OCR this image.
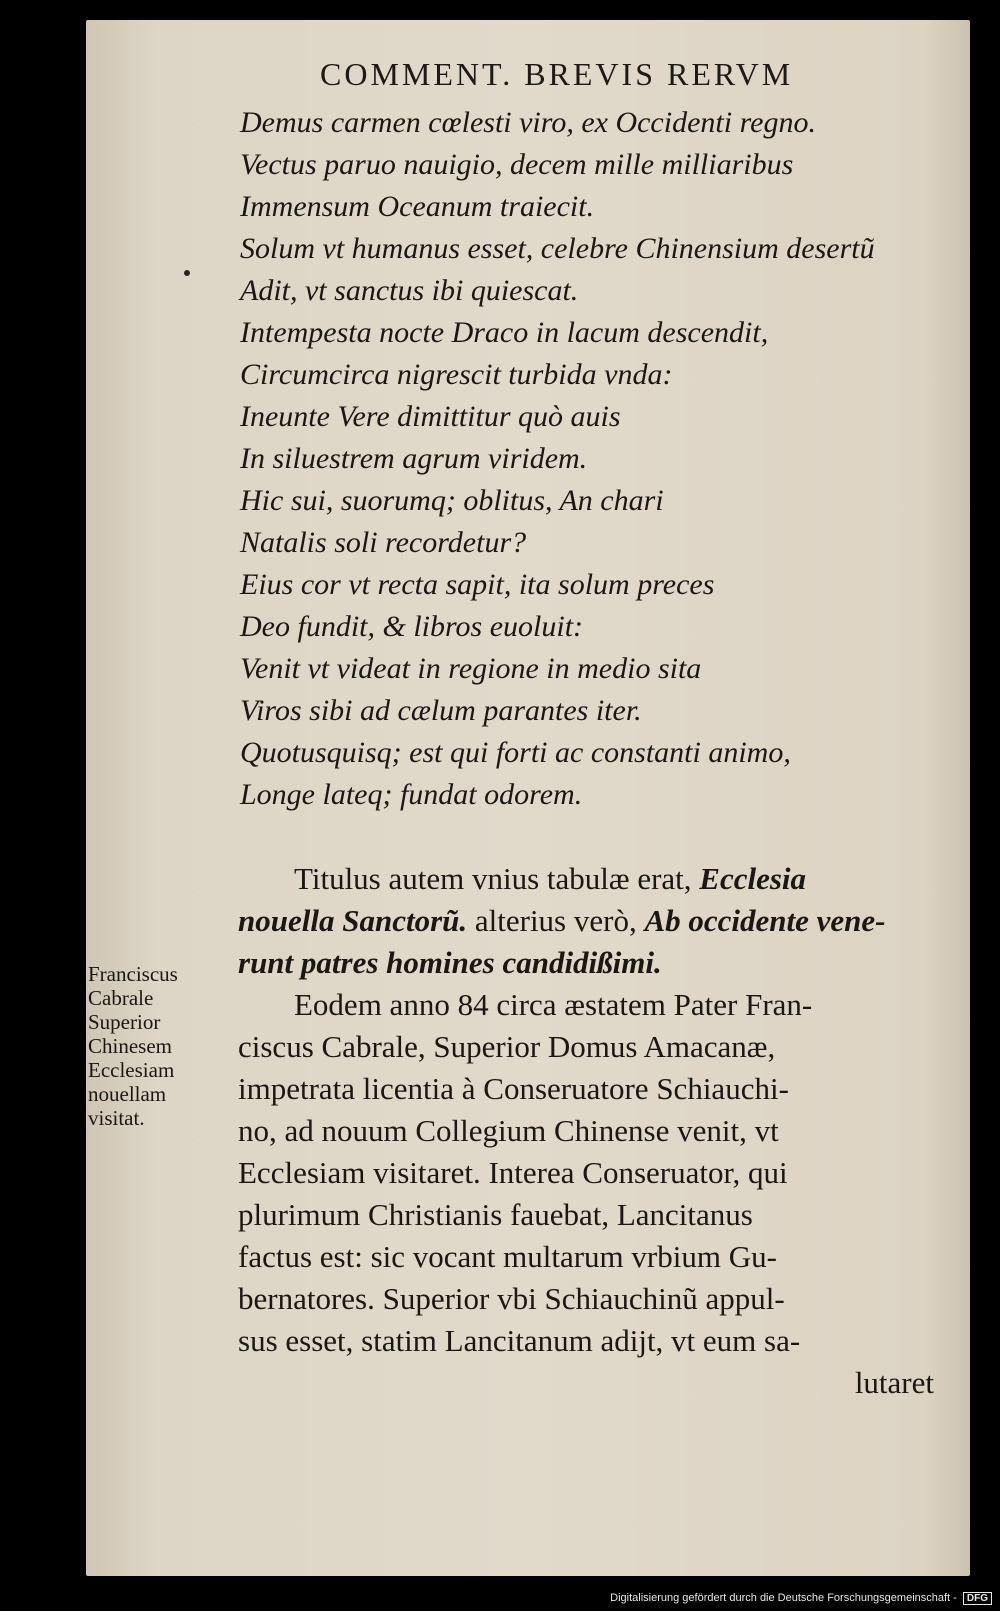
COMMENT. BREVIS RERVM
Demus carmen cœlesti viro, ex Occidenti regno.
Vectus paruo nauigio, decem mille milliaribus
Immensum Oceanum traiecit.
Solum vt humanus esset, celebre Chinensium desertũ
Adit, vt sanctus ibi quiescat.
Intempesta nocte Draco in lacum descendit,
Circumcirca nigrescit turbida vnda:
Ineunte Vere dimittitur quò auis
In siluestrem agrum viridem.
Hic sui, suorumq; oblitus, An chari
Natalis soli recordetur?
Eius cor vt recta sapit, ita solum preces
Deo fundit, & libros euoluit:
Venit vt videat in regione in medio sita
Viros sibi ad cælum parantes iter.
Quotusquisq; est qui forti ac constanti animo,
Longe lateq; fundat odorem.
Titulus autem vnius tabulæ erat, Ecclesia
nouella Sanctorũ. alterius verò, Ab occidente vene-
runt patres homines candidißimi.
Eodem anno 84 circa æstatem Pater Fran-
ciscus Cabrale, Superior Domus Amacanæ,
impetrata licentia à Conseruatore Schiauchi-
no, ad nouum Collegium Chinense venit, vt
Ecclesiam visitaret. Interea Conseruator, qui
plurimum Christianis fauebat, Lancitanus
factus est: sic vocant multarum vrbium Gu-
bernatores. Superior vbi Schiauchinũ appul-
sus esset, statim Lancitanum adijt, vt eum sa-
lutaret
Franciscus
Cabrale
Superior
Chinesem
Ecclesiam
nouellam
visitat.
Digitalisierung gefördert durch die Deutsche Forschungsgemeinschaft - DFG
